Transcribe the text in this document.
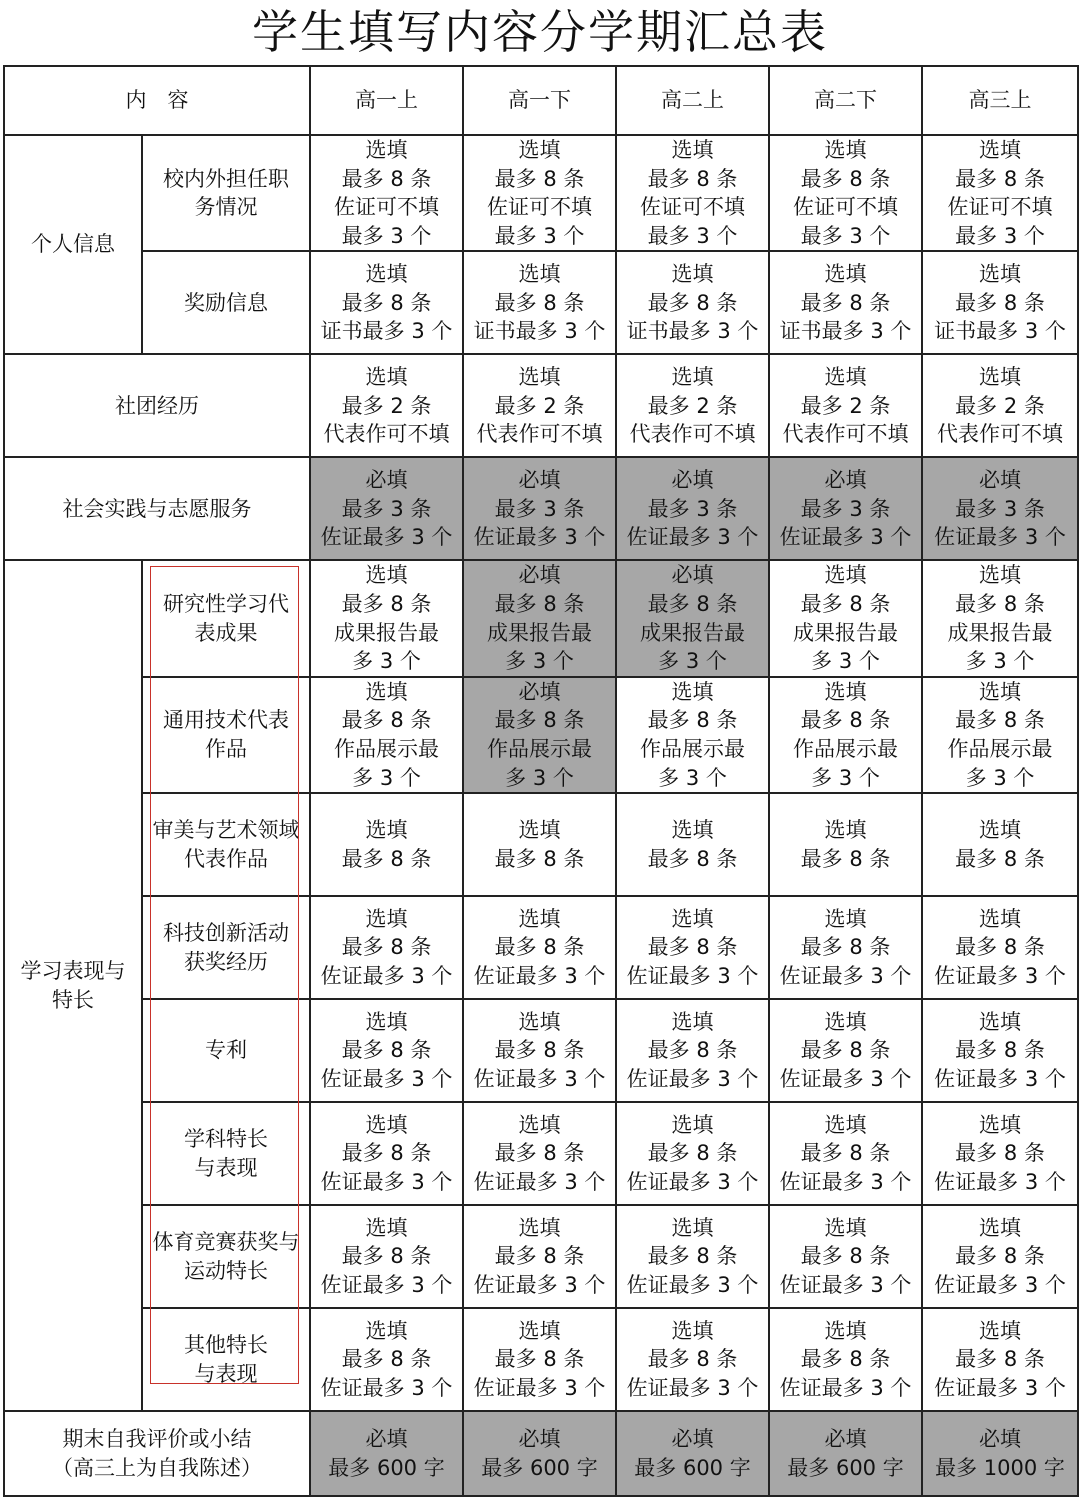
学生填写内容分学期汇总表
内　容		高一上	高一下	高二上	高二下	高三上
个人信息	校内外担任职
务情况	选填
最多 8 条
佐证可不填
最多 3 个	选填
最多 8 条
佐证可不填
最多 3 个	选填
最多 8 条
佐证可不填
最多 3 个	选填
最多 8 条
佐证可不填
最多 3 个	选填
最多 8 条
佐证可不填
最多 3 个
	奖励信息	选填
最多 8 条
证书最多 3 个	选填
最多 8 条
证书最多 3 个	选填
最多 8 条
证书最多 3 个	选填
最多 8 条
证书最多 3 个	选填
最多 8 条
证书最多 3 个
社团经历		选填
最多 2 条
代表作可不填	选填
最多 2 条
代表作可不填	选填
最多 2 条
代表作可不填	选填
最多 2 条
代表作可不填	选填
最多 2 条
代表作可不填
社会实践与志愿服务		必填
最多 3 条
佐证最多 3 个	必填
最多 3 条
佐证最多 3 个	必填
最多 3 条
佐证最多 3 个	必填
最多 3 条
佐证最多 3 个	必填
最多 3 条
佐证最多 3 个
学习表现与
特长	研究性学习代
表成果	选填
最多 8 条
成果报告最
多 3 个	必填
最多 8 条
成果报告最
多 3 个	必填
最多 8 条
成果报告最
多 3 个	选填
最多 8 条
成果报告最
多 3 个	选填
最多 8 条
成果报告最
多 3 个
	通用技术代表
作品	选填
最多 8 条
作品展示最
多 3 个	必填
最多 8 条
作品展示最
多 3 个	选填
最多 8 条
作品展示最
多 3 个	选填
最多 8 条
作品展示最
多 3 个	选填
最多 8 条
作品展示最
多 3 个
	审美与艺术领域
代表作品	选填
最多 8 条	选填
最多 8 条	选填
最多 8 条	选填
最多 8 条	选填
最多 8 条
	科技创新活动
获奖经历	选填
最多 8 条
佐证最多 3 个	选填
最多 8 条
佐证最多 3 个	选填
最多 8 条
佐证最多 3 个	选填
最多 8 条
佐证最多 3 个	选填
最多 8 条
佐证最多 3 个
	专利	选填
最多 8 条
佐证最多 3 个	选填
最多 8 条
佐证最多 3 个	选填
最多 8 条
佐证最多 3 个	选填
最多 8 条
佐证最多 3 个	选填
最多 8 条
佐证最多 3 个
	学科特长
与表现	选填
最多 8 条
佐证最多 3 个	选填
最多 8 条
佐证最多 3 个	选填
最多 8 条
佐证最多 3 个	选填
最多 8 条
佐证最多 3 个	选填
最多 8 条
佐证最多 3 个
	体育竞赛获奖与
运动特长	选填
最多 8 条
佐证最多 3 个	选填
最多 8 条
佐证最多 3 个	选填
最多 8 条
佐证最多 3 个	选填
最多 8 条
佐证最多 3 个	选填
最多 8 条
佐证最多 3 个
	其他特长
与表现	选填
最多 8 条
佐证最多 3 个	选填
最多 8 条
佐证最多 3 个	选填
最多 8 条
佐证最多 3 个	选填
最多 8 条
佐证最多 3 个	选填
最多 8 条
佐证最多 3 个
期末自我评价或小结
（高三上为自我陈述）		必填
最多 600 字	必填
最多 600 字	必填
最多 600 字	必填
最多 600 字	必填
最多 1000 字
